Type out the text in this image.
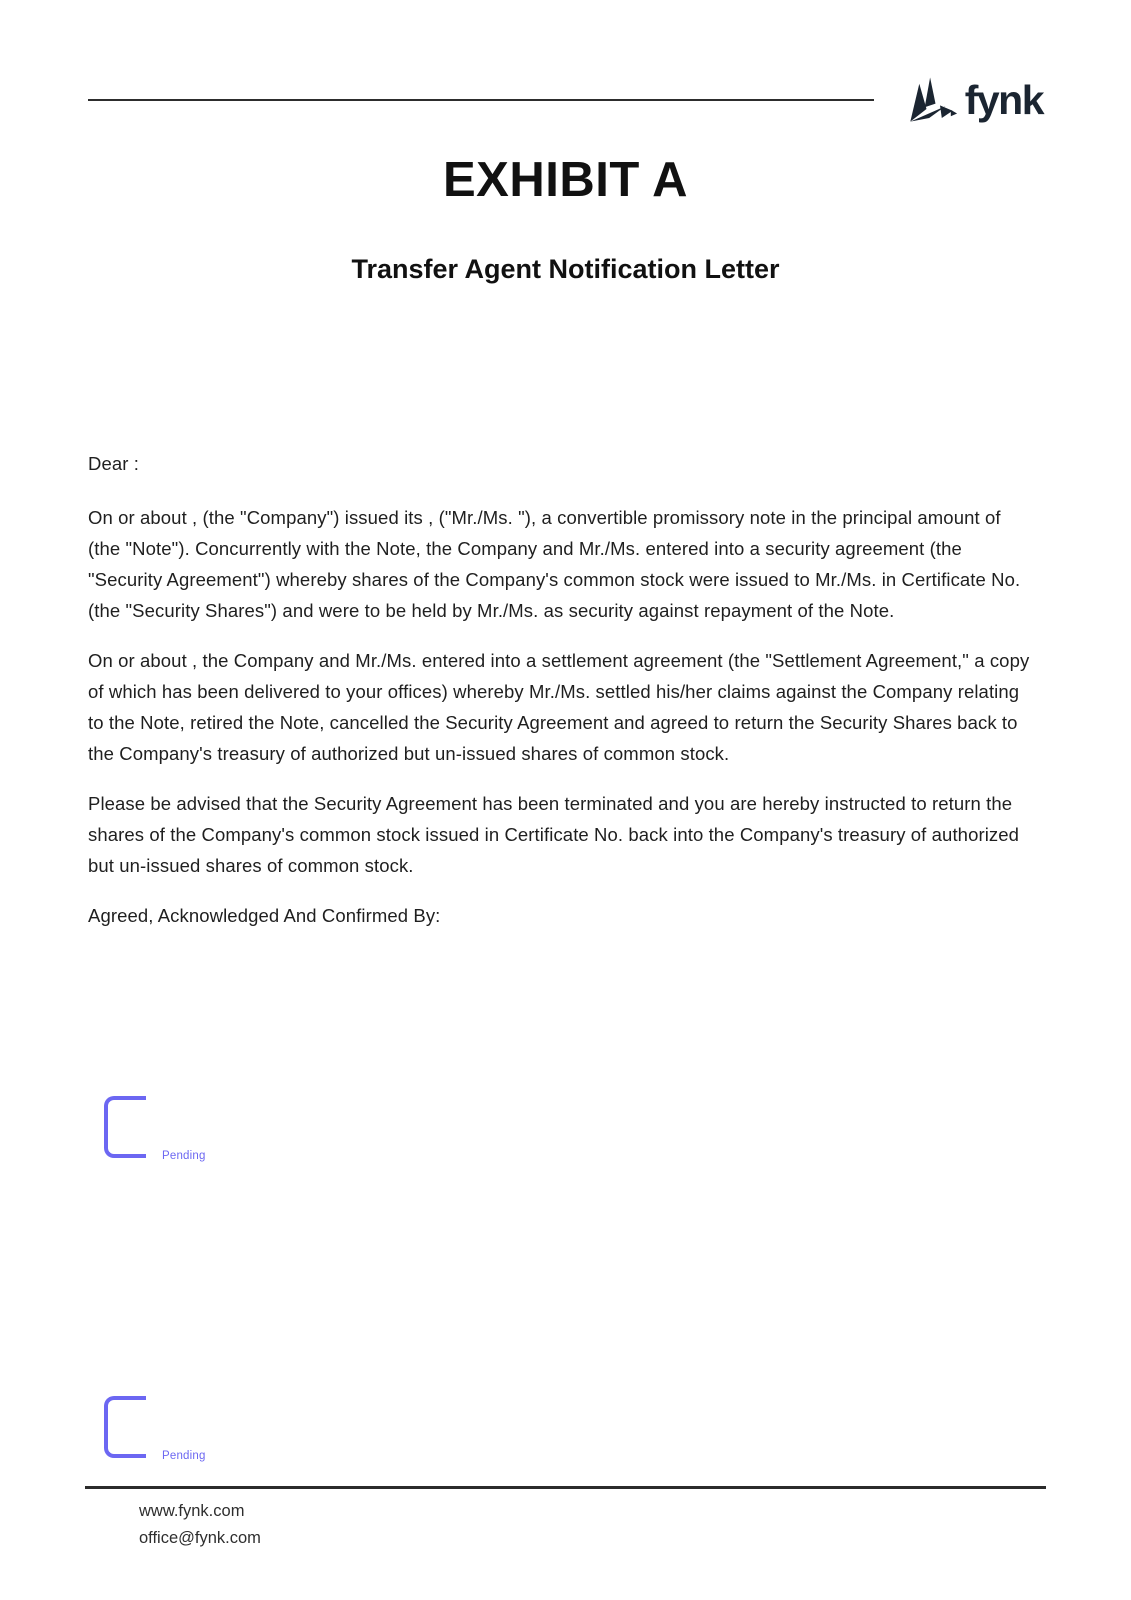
fynk
EXHIBIT A
Transfer Agent Notification Letter

Dear :

On or about , (the "Company") issued its , ("Mr./Ms. "), a convertible promissory note in the principal amount of (the "Note"). Concurrently with the Note, the Company and Mr./Ms. entered into a security agreement (the "Security Agreement") whereby shares of the Company's common stock were issued to Mr./Ms. in Certificate No. (the "Security Shares") and were to be held by Mr./Ms. as security against repayment of the Note.

On or about , the Company and Mr./Ms. entered into a settlement agreement (the "Settlement Agreement," a copy of which has been delivered to your offices) whereby Mr./Ms. settled his/her claims against the Company relating to the Note, retired the Note, cancelled the Security Agreement and agreed to return the Security Shares back to the Company's treasury of authorized but un-issued shares of common stock.

Please be advised that the Security Agreement has been terminated and you are hereby instructed to return the shares of the Company's common stock issued in Certificate No. back into the Company's treasury of authorized but un-issued shares of common stock.

Agreed, Acknowledged And Confirmed By:

Pending
Pending
www.fynk.com
office@fynk.com
